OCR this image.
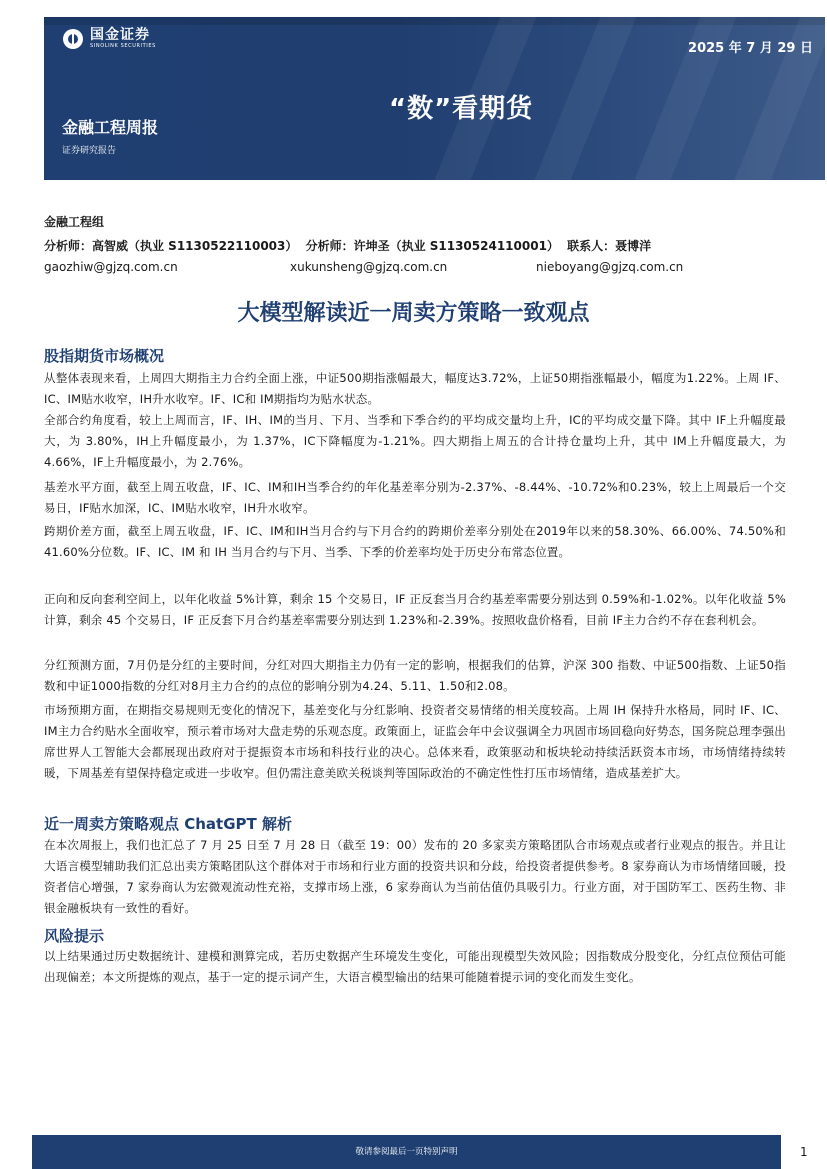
国金证券
SINOLINK SECURITIES	2025 年 7 月 29 日
“数”看期货
金融工程周报
证券研究报告
金融工程组
分析师：高智威（执业 S1130522110003） 分析师：许坤圣（执业 S1130524110001） 联系人：聂博洋
gaozhiw@gjzq.com.cn	xukunsheng@gjzq.com.cn	nieboyang@gjzq.com.cn
大模型解读近一周卖方策略一致观点
股指期货市场概况

从整体表现来看，上周四大期指主力合约全面上涨，中证500期指涨幅最大，幅度达3.72%，上证50期指涨幅最小，幅度为1.22%。上周 IF、IC、IM贴水收窄，IH升水收窄。IF、IC和 IM期指均为贴水状态。

全部合约角度看，较上上周而言，IF、IH、IM的当月、下月、当季和下季合约的平均成交量均上升，IC的平均成交量下降。其中 IF上升幅度最大，为 3.80%，IH上升幅度最小，为 1.37%，IC下降幅度为-1.21%。四大期指上周五的合计持仓量均上升，其中 IM上升幅度最大，为 4.66%，IF上升幅度最小，为 2.76%。

基差水平方面，截至上周五收盘，IF、IC、IM和IH当季合约的年化基差率分别为-2.37%、-8.44%、-10.72%和0.23%，较上上周最后一个交易日，IF贴水加深，IC、IM贴水收窄，IH升水收窄。

跨期价差方面，截至上周五收盘，IF、IC、IM和IH当月合约与下月合约的跨期价差率分别处在2019年以来的58.30%、66.00%、74.50%和 41.60%分位数。IF、IC、IM 和 IH 当月合约与下月、当季、下季的价差率均处于历史分布常态位置。

正向和反向套利空间上，以年化收益 5%计算，剩余 15 个交易日，IF 正反套当月合约基差率需要分别达到 0.59%和-1.02%。以年化收益 5%计算，剩余 45 个交易日，IF 正反套下月合约基差率需要分别达到 1.23%和-2.39%。按照收盘价格看，目前 IF主力合约不存在套利机会。

分红预测方面，7月仍是分红的主要时间，分红对四大期指主力仍有一定的影响，根据我们的估算，沪深 300 指数、中证500指数、上证50指数和中证1000指数的分红对8月主力合约的点位的影响分别为4.24、5.11、1.50和2.08。

市场预期方面，在期指交易规则无变化的情况下，基差变化与分红影响、投资者交易情绪的相关度较高。上周 IH 保持升水格局，同时 IF、IC、IM主力合约贴水全面收窄，预示着市场对大盘走势的乐观态度。政策面上，证监会年中会议强调全力巩固市场回稳向好势态，国务院总理李强出席世界人工智能大会都展现出政府对于提振资本市场和科技行业的决心。总体来看，政策驱动和板块轮动持续活跃资本市场，市场情绪持续转暖，下周基差有望保持稳定或进一步收窄。但仍需注意美欧关税谈判等国际政治的不确定性性打压市场情绪，造成基差扩大。

近一周卖方策略观点 ChatGPT 解析

在本次周报上，我们也汇总了 7 月 25 日至 7 月 28 日（截至 19：00）发布的 20 多家卖方策略团队合市场观点或者行业观点的报告。并且让大语言模型辅助我们汇总出卖方策略团队这个群体对于市场和行业方面的投资共识和分歧，给投资者提供参考。8 家券商认为市场情绪回暖，投资者信心增强，7 家券商认为宏微观流动性充裕，支撑市场上涨，6 家券商认为当前估值仍具吸引力。行业方面，对于国防军工、医药生物、非银金融板块有一致性的看好。

风险提示

以上结果通过历史数据统计、建模和测算完成，若历史数据产生环境发生变化，可能出现模型失效风险；因指数成分股变化，分红点位预估可能出现偏差；本文所提炼的观点，基于一定的提示词产生，大语言模型输出的结果可能随着提示词的变化而发生变化。

敬请参阅最后一页特别声明	1
